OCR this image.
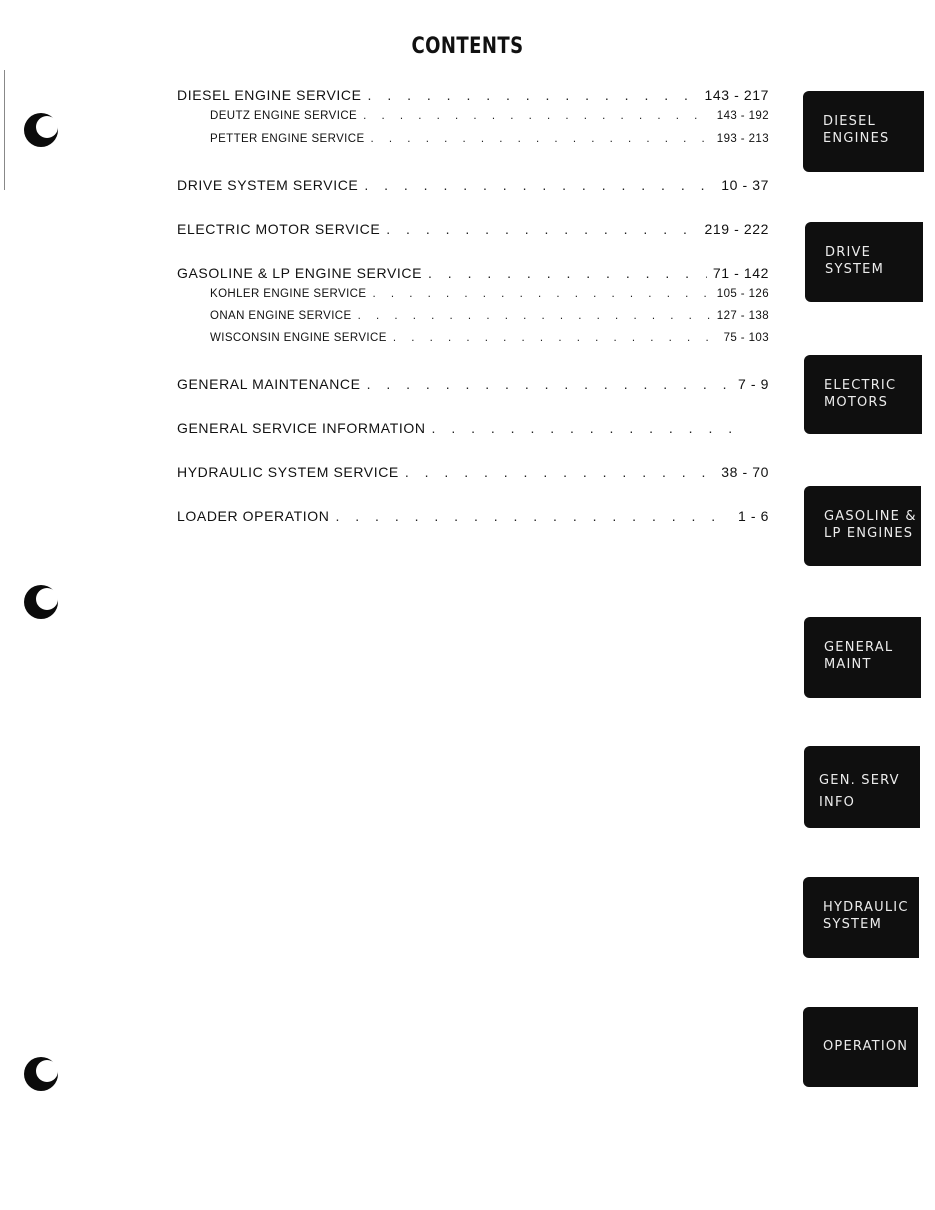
CONTENTS
DIESEL ENGINE SERVICE . . .	143 - 217
DEUTZ ENGINE SERVICE . . .	143 - 192
PETTER ENGINE SERVICE . . .	193 - 213
DRIVE SYSTEM SERVICE . . .	10 - 37
ELECTRIC MOTOR SERVICE . . .	219 - 222
GASOLINE & LP ENGINE SERVICE . . .	71 - 142
KOHLER ENGINE SERVICE . . .	105 - 126
ONAN ENGINE SERVICE . . .	127 - 138
WISCONSIN ENGINE SERVICE . . .	75 - 103
GENERAL MAINTENANCE . . .	7 - 9
GENERAL SERVICE INFORMATION
. . .
HYDRAULIC SYSTEM SERVICE . . .	38 - 70
LOADER OPERATION . . .	1 - 6
DIESEL
ENGINES
DRIVE
SYSTEM
ELECTRIC
MOTORS
GASOLINE &
LP ENGINES
GENERAL
MAINT
GEN. SERV
INFO
HYDRAULIC
SYSTEM
OPERATION
